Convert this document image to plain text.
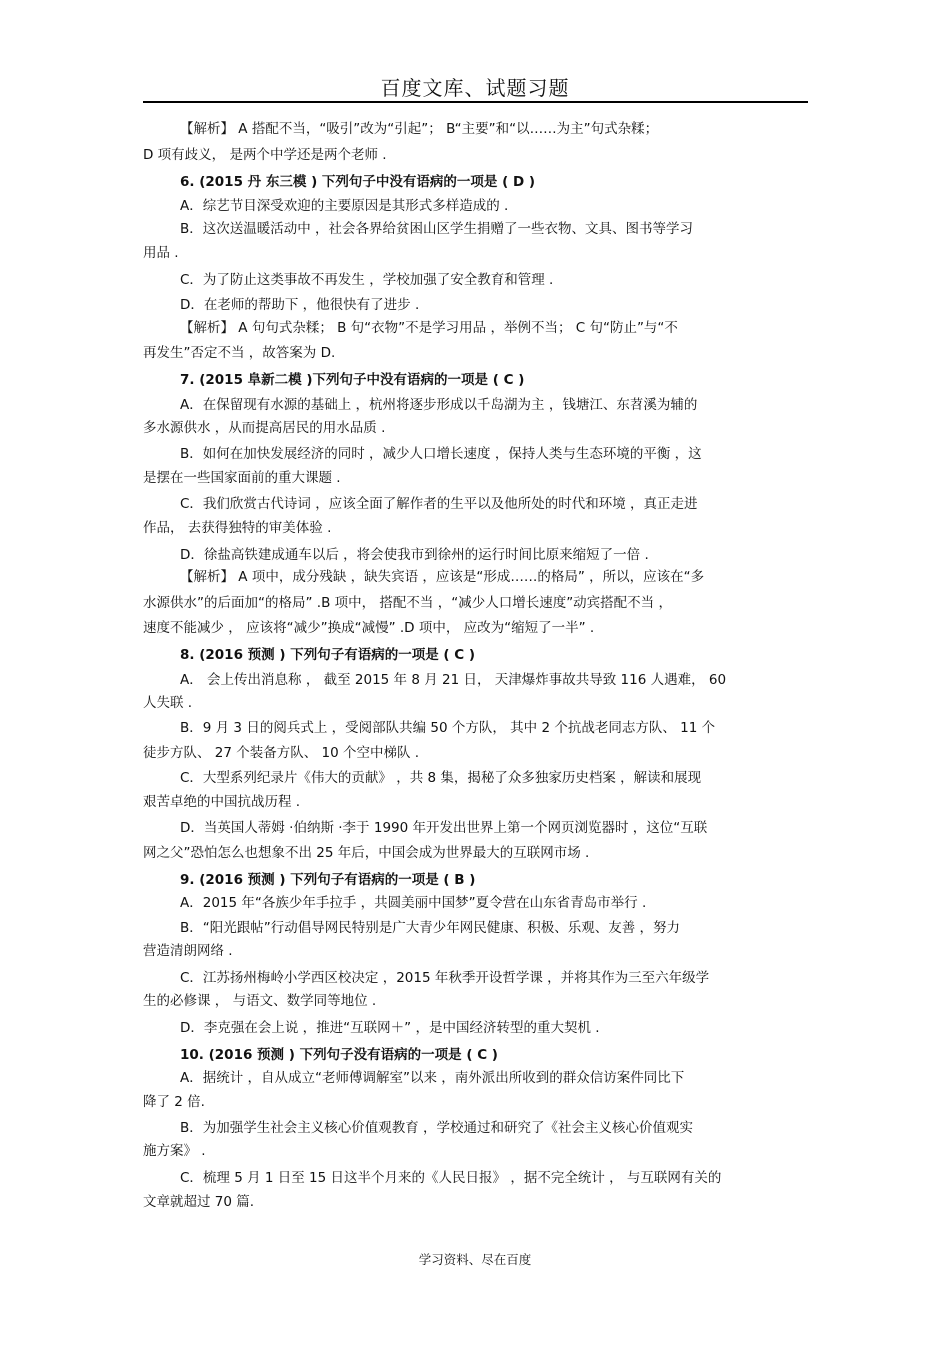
百度文库、试题习题
【解析】 A 搭配不当，“吸引”改为“引起”； B“主要”和“以……为主”句式杂糅；
D 项有歧义， 是两个中学还是两个老师 .
6. (2015 丹 东三模 ) 下列句子中没有语病的一项是 ( D )
A．综艺节目深受欢迎的主要原因是其形式多样造成的 .
B．这次送温暖活动中 ，社会各界给贫困山区学生捐赠了一些衣物、文具、图书等学习
用品 .
C．为了防止这类事故不再发生 ，学校加强了安全教育和管理 .
D．在老师的帮助下 ，他很快有了进步 .
【解析】 A 句句式杂糅； B 句“衣物”不是学习用品 ，举例不当； C 句“防止”与“不
再发生”否定不当 ，故答案为 D.
7. (2015 阜新二模 )下列句子中没有语病的一项是 ( C )
A．在保留现有水源的基础上 ，杭州将逐步形成以千岛湖为主 ，钱塘江、东苕溪为辅的
多水源供水 ，从而提高居民的用水品质 .
B．如何在加快发展经济的同时 ，减少人口增长速度 ，保持人类与生态环境的平衡 ，这
是摆在一些国家面前的重大课题 .
C．我们欣赏古代诗词 ，应该全面了解作者的生平以及他所处的时代和环境 ，真正走进
作品， 去获得独特的审美体验 .
D．徐盐高铁建成通车以后 ，将会使我市到徐州的运行时间比原来缩短了一倍 .
【解析】 A 项中，成分残缺 ，缺失宾语 ，应该是“形成……的格局” ，所以，应该在“多
水源供水”的后面加“的格局” .B 项中， 搭配不当 ，“减少人口增长速度”动宾搭配不当 ，
速度不能减少 ， 应该将“减少”换成“减慢” .D 项中， 应改为“缩短了一半” .
8. (2016 预测 ) 下列句子有语病的一项是 ( C )
A． 会上传出消息称 ， 截至 2015 年 8 月 21 日， 天津爆炸事故共导致 116 人遇难， 60
人失联 .
B．9 月 3 日的阅兵式上 ，受阅部队共编 50 个方队， 其中 2 个抗战老同志方队、 11 个
徒步方队、 27 个装备方队、 10 个空中梯队 .
C．大型系列纪录片《伟大的贡献》 ，共 8 集，揭秘了众多独家历史档案 ，解读和展现
艰苦卓绝的中国抗战历程 .
D．当英国人蒂姆 ·伯纳斯 ·李于 1990 年开发出世界上第一个网页浏览器时 ，这位“互联
网之父”恐怕怎么也想象不出 25 年后，中国会成为世界最大的互联网市场 .
9. (2016 预测 ) 下列句子有语病的一项是 ( B )
A．2015 年“各族少年手拉手 ，共圆美丽中国梦”夏令营在山东省青岛市举行 .
B．“阳光跟帖”行动倡导网民特别是广大青少年网民健康、积极、乐观、友善 ，努力
营造清朗网络 .
C．江苏扬州梅岭小学西区校决定 ，2015 年秋季开设哲学课 ，并将其作为三至六年级学
生的必修课 ， 与语文、数学同等地位 .
D．李克强在会上说 ，推进“互联网＋” ，是中国经济转型的重大契机 .
10. (2016 预测 ) 下列句子没有语病的一项是 ( C )
A．据统计 ，自从成立“老师傅调解室”以来 ，南外派出所收到的群众信访案件同比下
降了 2 倍.
B．为加强学生社会主义核心价值观教育 ，学校通过和研究了《社会主义核心价值观实
施方案》 .
C．梳理 5 月 1 日至 15 日这半个月来的《人民日报》 ，据不完全统计 ， 与互联网有关的
文章就超过 70 篇.
学习资料、尽在百度
